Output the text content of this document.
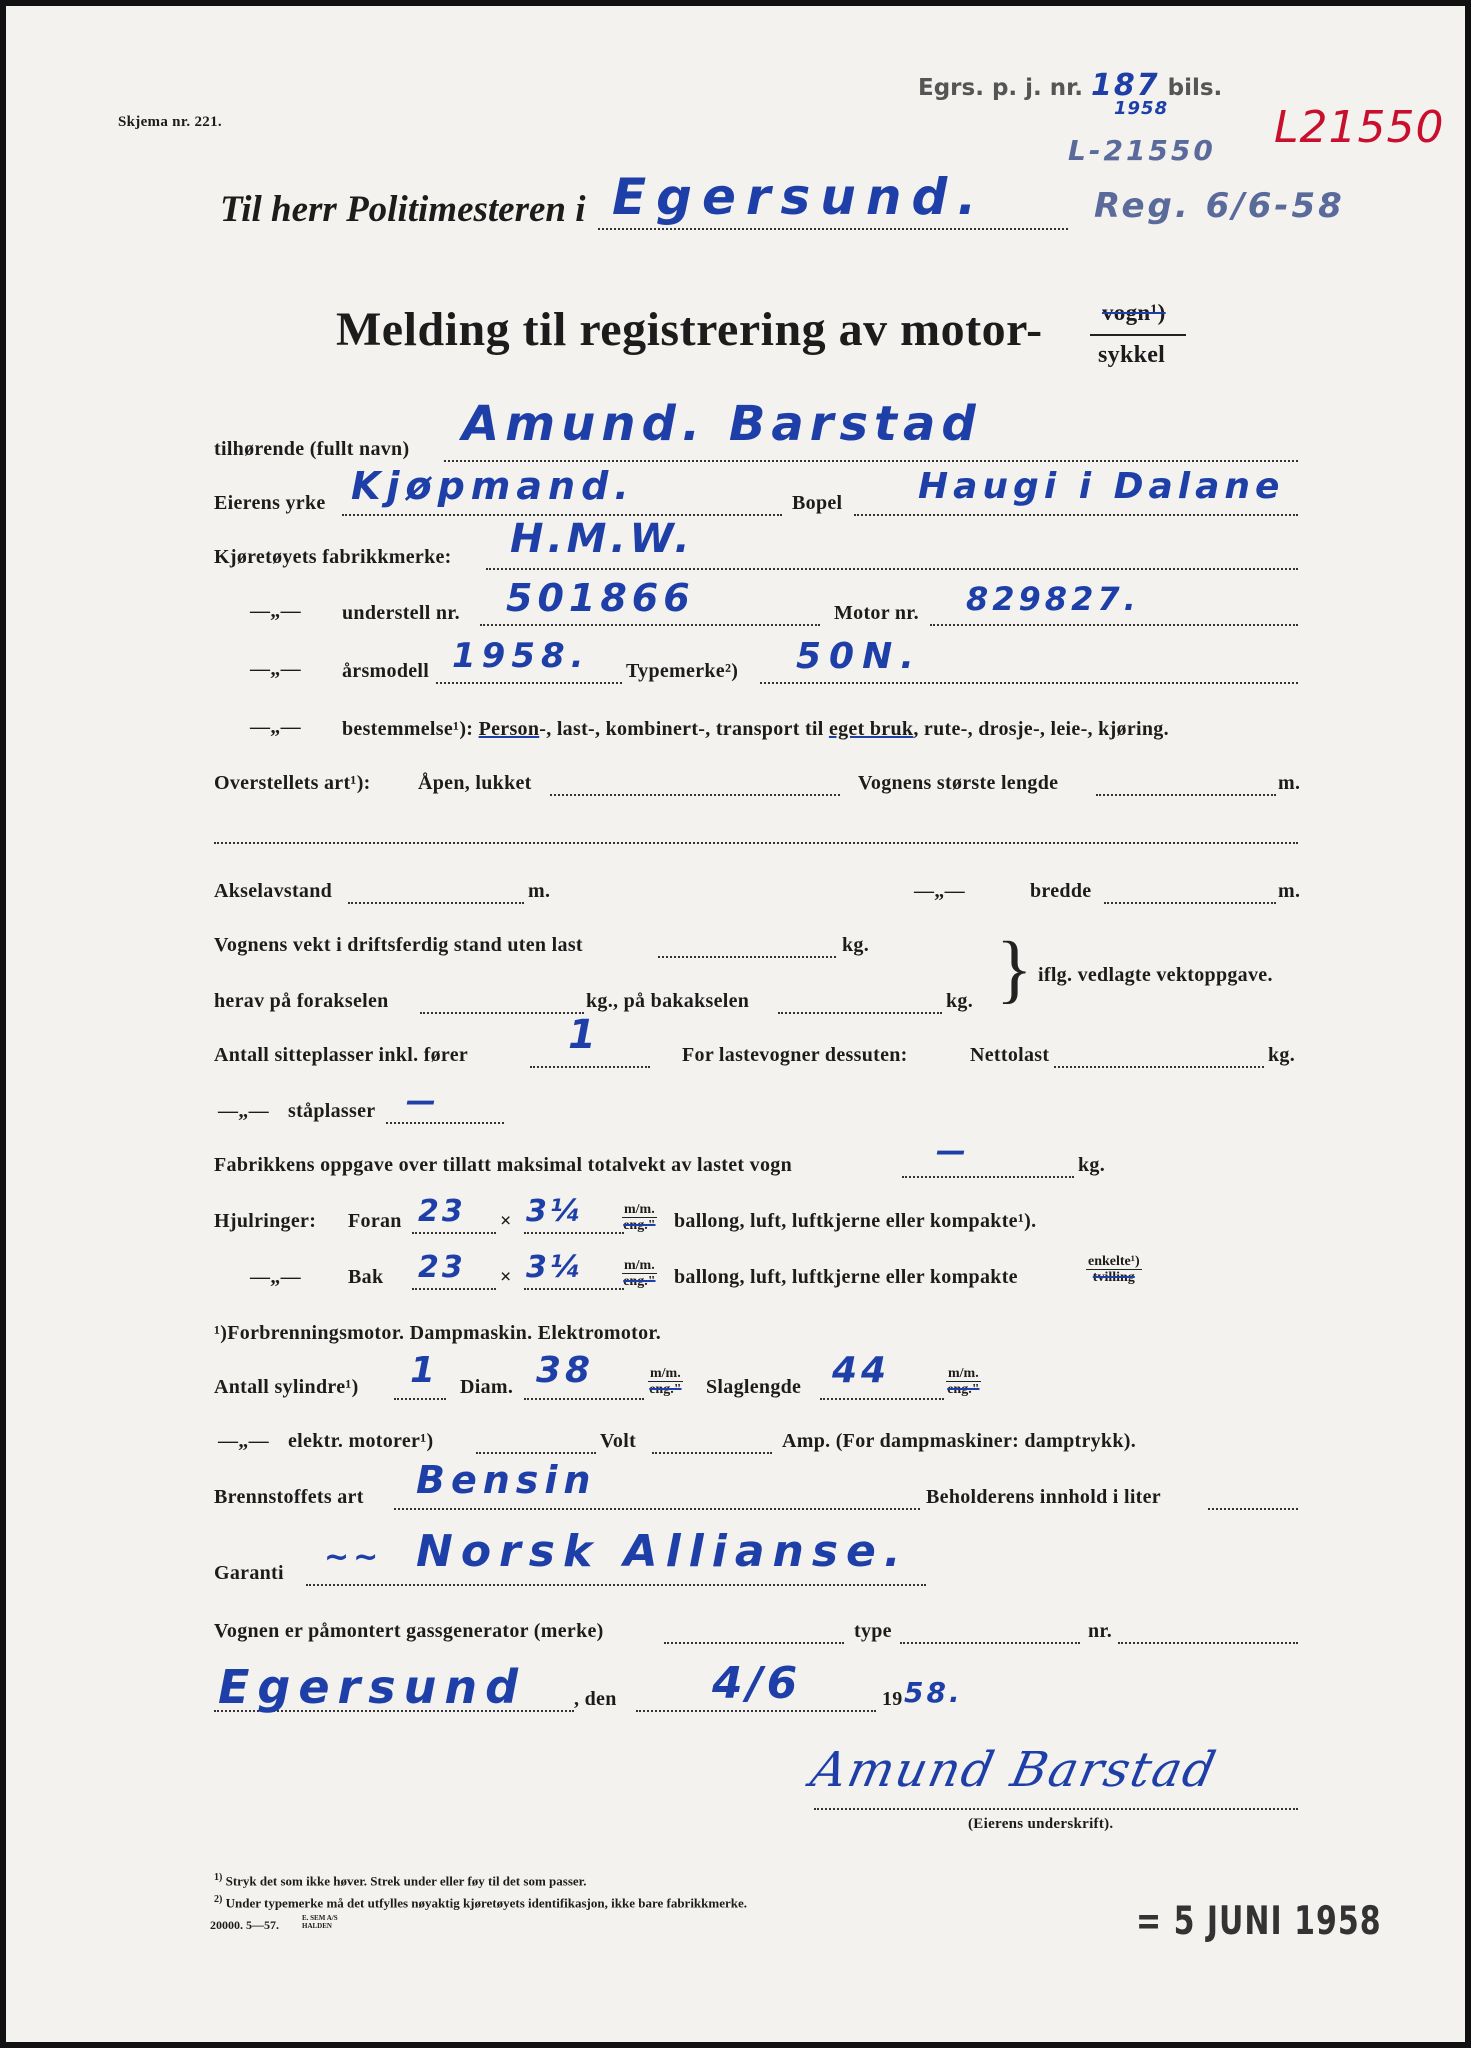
Skjema nr. 221.
Egrs. p. j. nr. 187 bils.
1958
L-21550 L21550
Til herr Politimesteren i Egersund.	Reg. 6/6-58
Melding til registrering av motor-	vogn¹)
sykkel
tilhørende (fullt navn) Amund. Barstad
Eierens yrke Kjøpmand.	Bopel Haugi i Dalane
Kjøretøyets fabrikkmerke: H.M.W.
—„— understell nr. 501866	Motor nr. 829827.
—„— årsmodell 1958. Typemerke²) 50N.
—„— bestemmelse¹): Person-, last-, kombinert-, transport til eget bruk, rute-, drosje-, leie-, kjøring.
Overstellets art¹): Åpen, lukket	Vognens største lengde	m.
Akselavstand	m.	—„—	bredde	m.
Vognens vekt i driftsferdig stand uten last	kg. } iflg. vedlagte vektoppgave.
herav på forakselen	kg., på bakakselen	kg.
Antall sitteplasser inkl. fører 1	For lastevogner dessuten:	Nettolast	kg.
—„— ståplasser —
Fabrikkens oppgave over tillatt maksimal totalvekt av lastet vogn	—	kg.
Hjulringer: Foran 23 × 3¼	m/m.
eng." ballong, luft, luftkjerne eller kompakte¹).
—„— Bak 23 × 3¼	m/m.
eng." ballong, luft, luftkjerne eller kompakte
enkelte¹)
tvilling
¹)Forbrenningsmotor. Dampmaskin. Elektromotor.
Antall sylindre¹) 1 Diam. 38	m/m.
eng." Slaglengde 44	m/m.
eng."
—„— elektr. motorer¹)	Volt	Amp. (For dampmaskiner: damptrykk).
Brennstoffets art Bensin	Beholderens innhold i liter
Garanti ~~ Norsk Allianse.
Vognen er påmontert gassgenerator (merke)	type	nr.
Egersund , den 4/6	19 58.
Amund Barstad
(Eierens underskrift).
$^{1)}$ Stryk det som ikke høver. Strek under eller føy til det som passer.
$^{2)}$ Under typemerke må det utfylles nøyaktig kjøretøyets identifikasjon, ikke bare fabrikkmerke.
20000. 5—57.	E. SEM A/S HALDEN	= 5 JUNI 1958
